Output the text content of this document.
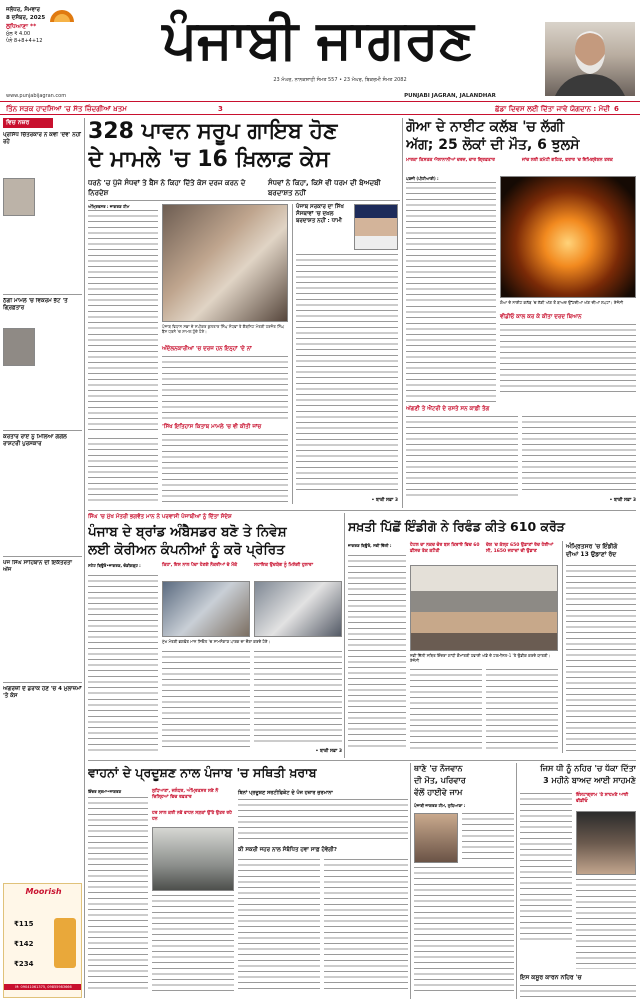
ਜਲੰਧਰ, ਸੋਮਵਾਰ
8 ਦਸੰਬਰ, 2025
ਲੁਧਿਆਣਾ **
ਮੁੱਲ ₹ 4.00
ਪੰਨੇ 8+8+4+12	ਪੰਜਾਬੀ ਜਾਗਰਣ
23 ਮੱਘਰ, ਨਾਨਕਸ਼ਾਹੀ ਸੰਮਤ 557 • 23 ਮੱਘਰ, ਬਿਕਰਮੀ ਸੰਮਤ 2082
www.punjabijagran.com	PUNJABI JAGRAN, JALANDHAR
ਤਿੰਨ ਸੜਕ ਹਾਦਸਿਆਂ 'ਚ ਸੱਤ ਜ਼ਿੰਦਗੀਆਂ ਖ਼ਤਮ	3	ਛੱਡਾ ਦਿਵਸ ਲਈ ਦਿੱਤਾ ਜਾਵੇ ਯੋਗਦਾਨ : ਮੋਦੀ 6
ਵਿਚ ਨਜ਼ਰ
ਪ੍ਰਸਿੱਧ ਚਿੱਤਰਕਾਰ ਨੇ ਕਵੀ 'ਦੇਵ' ਨਹੀਂ ਰਹੇ
ਠੱਗੀ ਮਾਮਲੇ 'ਚ ਵਿਕਰਮ ਭੱਟ 'ਤੇ ਗ੍ਰਿਫ਼ਤਾਰ
ਕਰਤਾਰ ਰਾਏ ਨੂੰ ਮਿਲਿਆ ਗੋਗੇਲ ਰਾਸ਼ਟਰੀ ਪੁਰਸਕਾਰ
ਪੰਜ ਸਿੰਘ ਸਾਹਿਬਾਨ ਦੀ ਇਕੱਤਰਤਾ ਅੱਜ
ਅੰਗਰੇਜ਼ੀ ਦੇ ਡਰਾਕ ਹੋਣ 'ਚ 4 ਮੁਲਾਜ਼ਮਾਂ 'ਤੇ ਕੇਸ
Moorish
₹115
₹142
₹234
M: 09041061375, 09855983666
328 ਪਾਵਨ ਸਰੂਪ ਗਾਇਬ ਹੋਣ
ਦੇ ਮਾਮਲੇ 'ਚ 16 ਖ਼ਿਲਾਫ਼ ਕੇਸ
ਧਰਨੇ 'ਚ ਪੁੱਜੇ ਸੰਧਵਾਂ ਤੇ ਬੈਂਸ ਨੇ ਕਿਹਾ ਦਿੱਤੇ ਕੇਸ ਦਰਜ ਕਰਨ ਦੇ ਨਿਰਦੇਸ਼
ਸੰਧਵਾਂ ਨੇ ਕਿਹਾ, ਕਿਸੇ ਵੀ ਧਰਮ ਦੀ ਬੇਅਦਬੀ ਬਰਦਾਸ਼ਤ ਨਹੀਂ
ਅੰਮ੍ਰਿਤਸਰ : ਜਾਗਰਣ ਟੀਮ
ਪੰਜਾਬ ਵਿਧਾਨ ਸਭਾ ਦੇ ਸਪੀਕਰ ਕੁਲਤਾਰ ਸਿੰਘ ਸੰਧਵਾਂ ਤੇ ਕੈਬਨਿਟ ਮੰਤਰੀ ਹਰਜੋਤ ਸਿੰਘ ਬੈਂਸ ਧਰਨੇ 'ਚ ਸ਼ਾਮਲ ਹੁੰਦੇ ਹੋਏ।
ਅੰਦੋਲਨਕਾਰੀਆਂ 'ਚ ਦਰਜ ਹਨ ਇਨ੍ਹਾਂ 'ਦੇ ਨਾਂ
'ਸਿੱਖ ਇਤਿਹਾਸ ਕਿਤਾਬ ਮਾਮਲੇ 'ਚ ਵੀ ਕੀਤੀ ਜਾਂਚ
ਪੰਜਾਬ ਸਰਕਾਰ ਦਾ ਸਿੱਖ ਸੰਸਥਾਵਾਂ 'ਚ ਦਖ਼ਲ ਬਰਦਾਸ਼ਤ ਨਹੀਂ : ਧਾਮੀ
• ਬਾਕੀ ਸਫ਼ਾ 3
ਗੋਆ ਦੇ ਨਾਈਟ ਕਲੱਬ 'ਚ ਲੱਗੀ
ਅੱਗ; 25 ਲੋਕਾਂ ਦੀ ਮੌਤ, 6 ਝੁਲਸੇ
ਮਾਰਕਾ ਕਿਸਤਕ ਐਲਾਨਾਨੀਆਂ ਦਰਜ, ਚਾਰ ਗ੍ਰਿਫ਼ਤਾਰ	ਜਾਂਚ ਲਈ ਕਮੇਟੀ ਗਠਿਤ, ਫਰਾਰ 'ਚ ਇਮਿਗ੍ਰੇਸ਼ਨ ਤਰਕ
ਪਣਜੀ (ਪੀਟੀਆਈ) :
ਗੋਆ ਦੇ ਨਾਈਟ ਕਲੱਬ 'ਚ ਲੱਗੀ ਅੱਗ ਤੋਂ ਬਾਅਦ ਉੱਠਦੀਆਂ ਅੱਗ ਦੀਆਂ ਲਪਟਾਂ। ਏਜੰਸੀ
ਵੀਡੀਓ ਕਾਲ ਕਰ ਕੇ ਕੀਤਾ ਦਰਦ ਬਿਆਨ
ਅੱਗਣੀ ਤੇ ਐਂਟਰੀ ਦੇ ਰਸਤੇ ਸਨ ਕਾਫ਼ੀ ਤੰਗ
• ਬਾਕੀ ਸਫ਼ਾ 3
ਸਿੰਘ 'ਚ ਮੁੱਖ ਮੰਤਰੀ ਭਗਵੰਤ ਮਾਨ ਨੇ ਪਰਵਾਸੀ ਪੰਜਾਬੀਆਂ ਨੂੰ ਦਿੱਤਾ ਸੰਦੇਸ਼
ਪੰਜਾਬ ਦੇ ਬ੍ਰਾਂਡ ਅੰਬੈਸਡਰ ਬਣੋ ਤੇ ਨਿਵੇਸ਼
ਲਈ ਕੋਰੀਅਨ ਕੰਪਨੀਆਂ ਨੂੰ ਕਰੋ ਪ੍ਰੇਰਿਤ
ਸਟੇਟ ਬਿਊਰੋ•ਜਾਗਰਣ, ਚੰਡੀਗੜ੍ਹ :	ਕਿਹਾ, ਇਸ ਨਾਲ ਪੈਦਾ ਹੋਣਗੇ ਨੌਕਰੀਆਂ ਦੇ ਮੌਕੇ	ਸਹਾਇਕ ਉਦਯੋਗ ਨੂੰ ਮਿਲੇਗੀ ਹੁਲਾਰਾ
ਮੁੱਖ ਮੰਤਰੀ ਭਗਵੰਤ ਮਾਨ ਸਿਓਲ 'ਚ ਸਾਮਸੰਗਾਣ ਪਾਰਕ ਦਾ ਦੌਰਾ ਕਰਦੇ ਹੋਏ।
• ਬਾਕੀ ਸਫ਼ਾ 3
ਸਖ਼ਤੀ ਪਿੱਛੋਂ ਇੰਡੀਗੋ ਨੇ ਰਿਫੰਡ ਕੀਤੇ 610 ਕਰੋੜ
ਜਾਗਰਣ ਬਿਊਰੋ, ਨਵੀਂ ਦਿੱਲੀ :	ਹੋਟਲ ਦਾ ਨਕਦ ਚੋਰ ਬਸ ਕਿਰਾਏ ਵਿਚ 60 ਫ਼ੀਸਦ ਤੱਕ ਕਟੌਤੀ
ਦੇਸ਼ 'ਚ ਕੱਲ੍ਹ 650 ਉਡਾਣਾਂ ਰੱਦ ਹੋਈਆਂ ਸੀ, 1650 ਜਹਾਜ਼ਾਂ ਦੀ ਉਡਾਣ
ਨਵੀਂ ਦਿੱਲੀ ਸਥਿਤ ਇੰਦਰਾ ਗਾਂਧੀ ਕੌਮਾਂਤਰੀ ਹਵਾਈ ਅੱਡੇ ਦੇ ਟਰਮੀਨਲ-1 'ਤੇ ਉਡੀਕ ਕਰਦੇ ਯਾਤਰੀ। ਏਜੰਸੀ
ਅੰਮ੍ਰਿਤਸਰ 'ਚ ਇੰਡੀਗੋ
ਦੀਆਂ 13 ਉਡਾਣਾਂ ਰੱਦ
ਵਾਹਨਾਂ ਦੇ ਪ੍ਰਦੂਸ਼ਣ ਨਾਲ ਪੰਜਾਬ 'ਚ ਸਥਿਤੀ ਖ਼ਰਾਬ
ਇੰਦਰ ਸ਼੍ਰਮਾ•ਜਾਗਰਣ	ਲੁਧਿਆਣਾ, ਜਲੰਧਰ, ਅੰਮ੍ਰਿਤਸਰ ਸਣੇ ਨੌਂ ਜ਼ਿਲ੍ਹਿਆਂ ਵਿਚ ਰਫ਼ਤਾਰ
ਹਰ ਸਾਲ ਕਈ ਨਵੇਂ ਵਾਹਨ ਸੜਕਾਂ ਉੱਤੇ ਉਤਰ ਰਹੇ ਹਨ
ਬਿਨਾਂ ਪ੍ਰਦੂਸ਼ਣ ਸਰਟੀਫਿਕੇਟ ਦੇ ਪੰਜ ਹਜ਼ਾਰ ਜੁਰਮਾਨਾ
ਕੀ ਸਕਰੀ ਜਹਰ ਨਾਲ ਸੰਬੰਧਿਤ ਹਵਾ ਸਾਫ਼ ਹੋਵੇਗੀ?
ਥਾਣੇ 'ਚ ਨੌਜਵਾਨ
ਦੀ ਮੌਤ, ਪਰਿਵਾਰ
ਵੱਲੋਂ ਹਾਈਵੇ ਜਾਮ
ਪੰਜਾਬੀ ਜਾਗਰਣ ਟੀਮ, ਲੁਧਿਆਣਾ :
ਜਿਸ ਧੀ ਨੂੰ ਨਹਿਰ 'ਚ ਧੱਕਾ ਦਿੱਤਾ
3 ਮਹੀਨੇ ਬਾਅਦ ਆਈ ਸਾਹਮਣੇ
ਇੰਸਟਾਗ੍ਰਾਮ 'ਤੇ ਸਾਹਮਣੇ ਆਈ ਵੀਡੀਓ
ਇਸ ਕਸੂਰ ਕਾਰਨ ਨਹਿਰ 'ਚ
